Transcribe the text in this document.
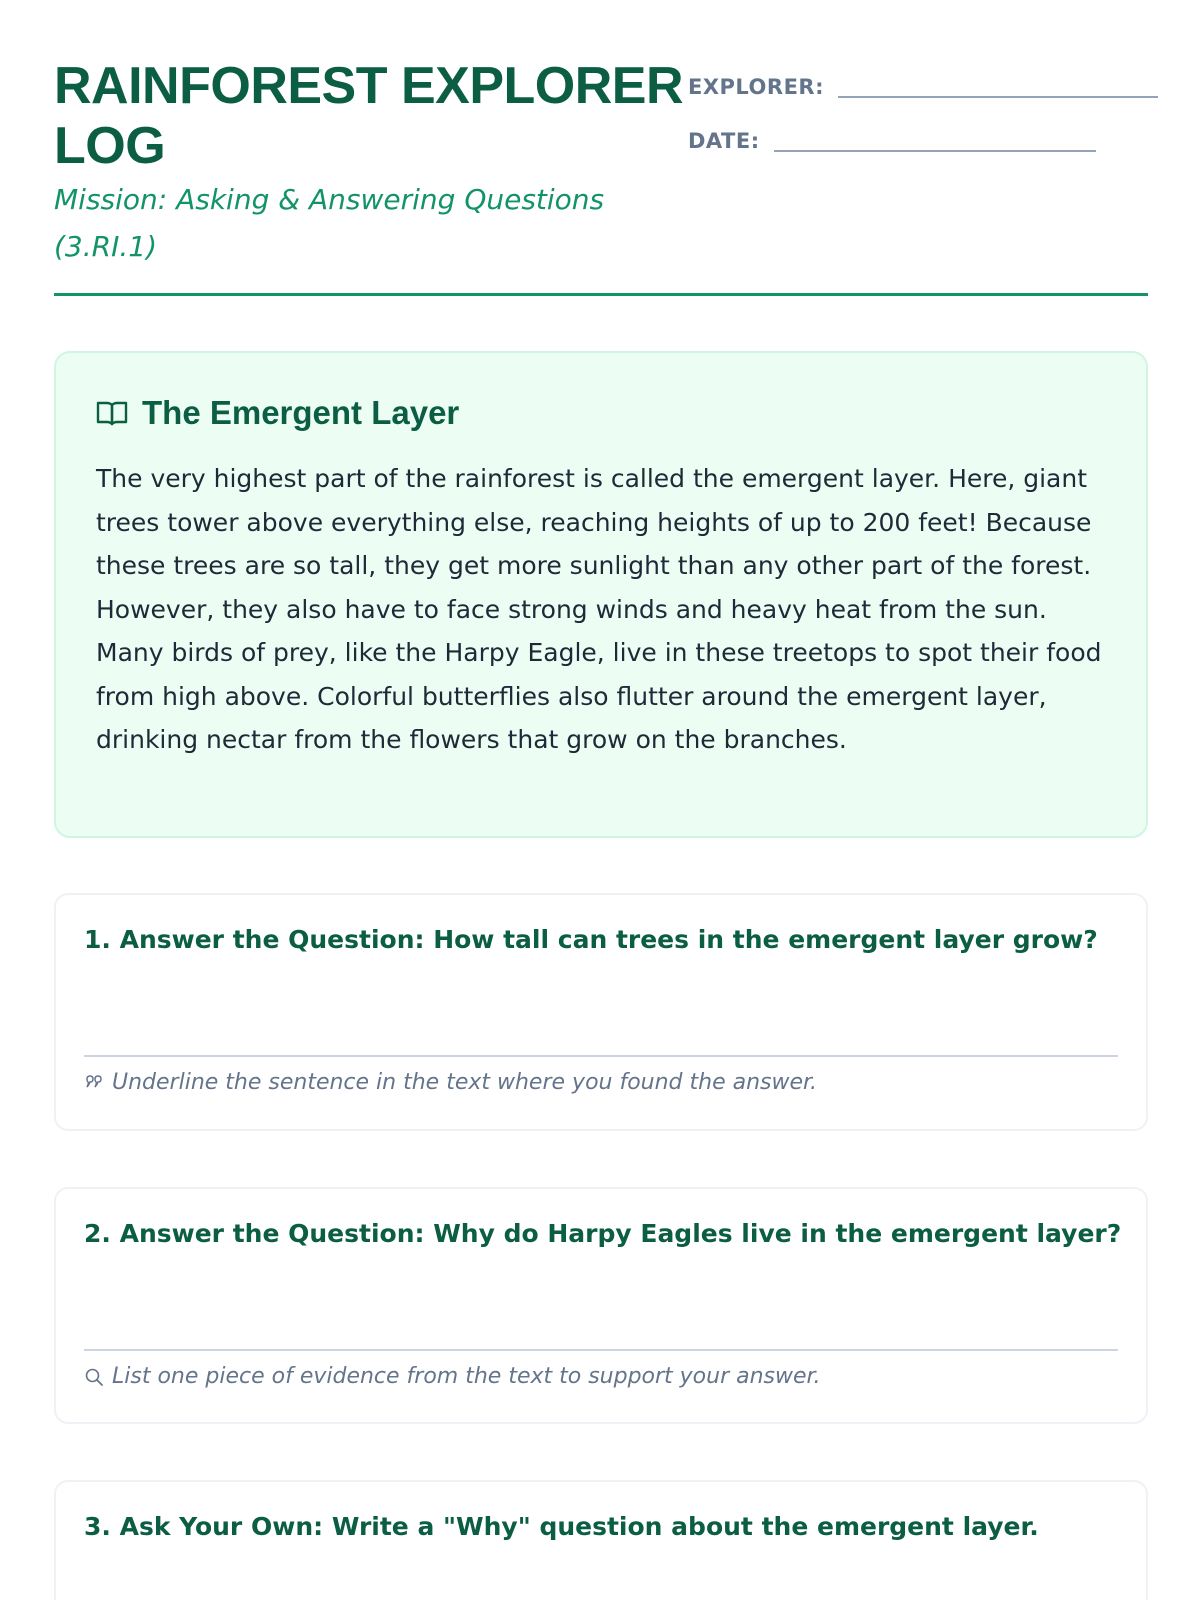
RAINFOREST EXPLORER LOG
Mission: Asking & Answering Questions (3.RI.1)
EXPLORER:
DATE:
The Emergent Layer

The very highest part of the rainforest is called the emergent layer. Here, giant trees tower above everything else, reaching heights of up to 200 feet! Because these trees are so tall, they get more sunlight than any other part of the forest. However, they also have to face strong winds and heavy heat from the sun. Many birds of prey, like the Harpy Eagle, live in these treetops to spot their food from high above. Colorful butterflies also flutter around the emergent layer, drinking nectar from the flowers that grow on the branches.

1. Answer the Question: How tall can trees in the emergent layer grow?
Underline the sentence in the text where you found the answer.
2. Answer the Question: Why do Harpy Eagles live in the emergent layer?
List one piece of evidence from the text to support your answer.
3. Ask Your Own: Write a "Why" question about the emergent layer.
